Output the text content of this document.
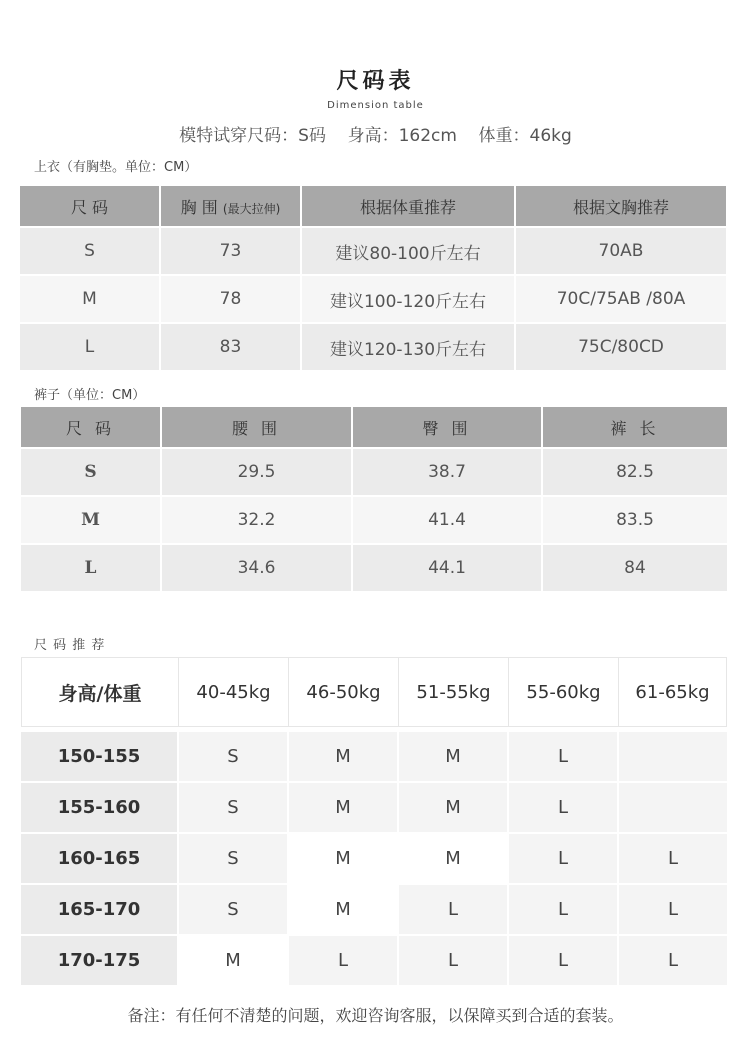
尺码表
Dimension table
模特试穿尺码：S码    身高：162cm    体重：46kg
上衣（有胸垫。单位：CM）
尺 码	胸 围 (最大拉伸)	根据体重推荐	根据文胸推荐
S	73	建议80-100斤左右	70AB
M	78	建议100-120斤左右	70C/75AB /80A
L	83	建议120-130斤左右	75C/80CD
裤子（单位：CM）
尺 码	腰 围	臀 围	裤 长
S	29.5	38.7	82.5
M	32.2	41.4	83.5
L	34.6	44.1	84
尺 码 推 荐
身高/体重	40-45kg	46-50kg	51-55kg	55-60kg	61-65kg

150-155	S	M	M	L	
155-160	S	M	M	L	
160-165	S	M	M	L	L
165-170	S	M	L	L	L
170-175	M	L	L	L	L
备注：有任何不清楚的问题，欢迎咨询客服，以保障买到合适的套装。
